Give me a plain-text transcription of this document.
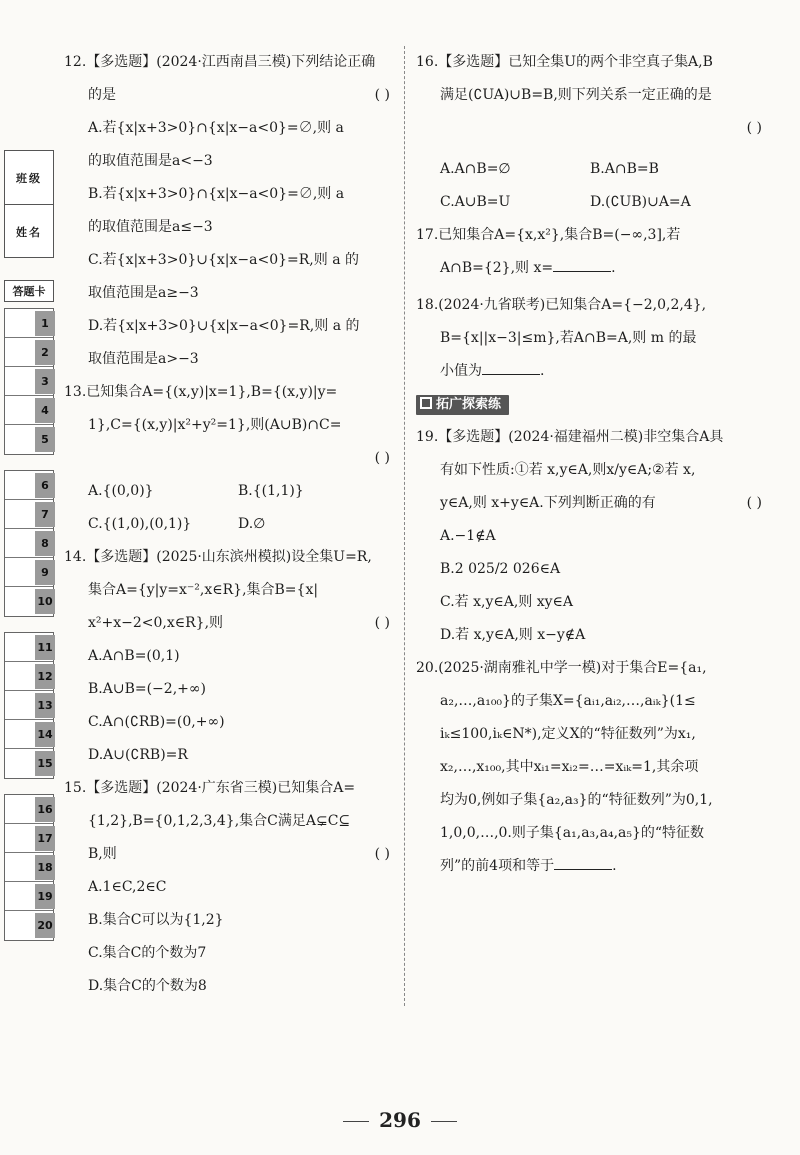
班级
姓名
答题卡
1
2
3
4
5
6
7
8
9
10
11
12
13
14
15
16
17
18
19
20
12.【多选题】(2024·江西南昌三模)下列结论正确
的是	( )
A.若{x|x+3>0}∩{x|x−a<0}=∅,则 a
的取值范围是a<−3
B.若{x|x+3>0}∩{x|x−a<0}=∅,则 a
的取值范围是a≤−3
C.若{x|x+3>0}∪{x|x−a<0}=R,则 a 的
取值范围是a≥−3
D.若{x|x+3>0}∪{x|x−a<0}=R,则 a 的
取值范围是a>−3
13.已知集合A={(x,y)|x=1},B={(x,y)|y=
1},C={(x,y)|x²+y²=1},则(A∪B)∩C=
( )
A.{(0,0)}	B.{(1,1)}
C.{(1,0),(0,1)}	D.∅
14.【多选题】(2025·山东滨州模拟)设全集U=R,
集合A={y|y=x⁻²,x∈R},集合B={x|
x²+x−2<0,x∈R},则	( )
A.A∩B=(0,1)
B.A∪B=(−2,+∞)
C.A∩(∁RB)=(0,+∞)
D.A∪(∁RB)=R
15.【多选题】(2024·广东省三模)已知集合A=
{1,2},B={0,1,2,3,4},集合C满足A⊊C⊆
B,则	( )
A.1∈C,2∈C
B.集合C可以为{1,2}
C.集合C的个数为7
D.集合C的个数为8
16.【多选题】已知全集U的两个非空真子集A,B
满足(∁UA)∪B=B,则下列关系一定正确的是
( )
A.A∩B=∅	B.A∩B=B
C.A∪B=U	D.(∁UB)∪A=A
17.已知集合A={x,x²},集合B=(−∞,3],若
A∩B={2},则 x=	.
18.(2024·九省联考)已知集合A={−2,0,2,4},
B={x||x−3|≤m},若A∩B=A,则 m 的最
小值为	.
拓广探索练
19.【多选题】(2024·福建福州二模)非空集合A具
有如下性质:①若 x,y∈A,则x/y∈A;②若 x,
y∈A,则 x+y∈A.下列判断正确的有	( )
A.−1∉A
B.2 025/2 026∈A
C.若 x,y∈A,则 xy∈A
D.若 x,y∈A,则 x−y∉A
20.(2025·湖南雅礼中学一模)对于集合E={a₁,
a₂,…,a₁₀₀}的子集X={aᵢ₁,aᵢ₂,…,aᵢₖ}(1≤
iₖ≤100,iₖ∈N*),定义X的“特征数列”为x₁,
x₂,…,x₁₀₀,其中xᵢ₁=xᵢ₂=…=xᵢₖ=1,其余项
均为0,例如子集{a₂,a₃}的“特征数列”为0,1,
1,0,0,…,0.则子集{a₁,a₃,a₄,a₅}的“特征数
列”的前4项和等于	.
296
